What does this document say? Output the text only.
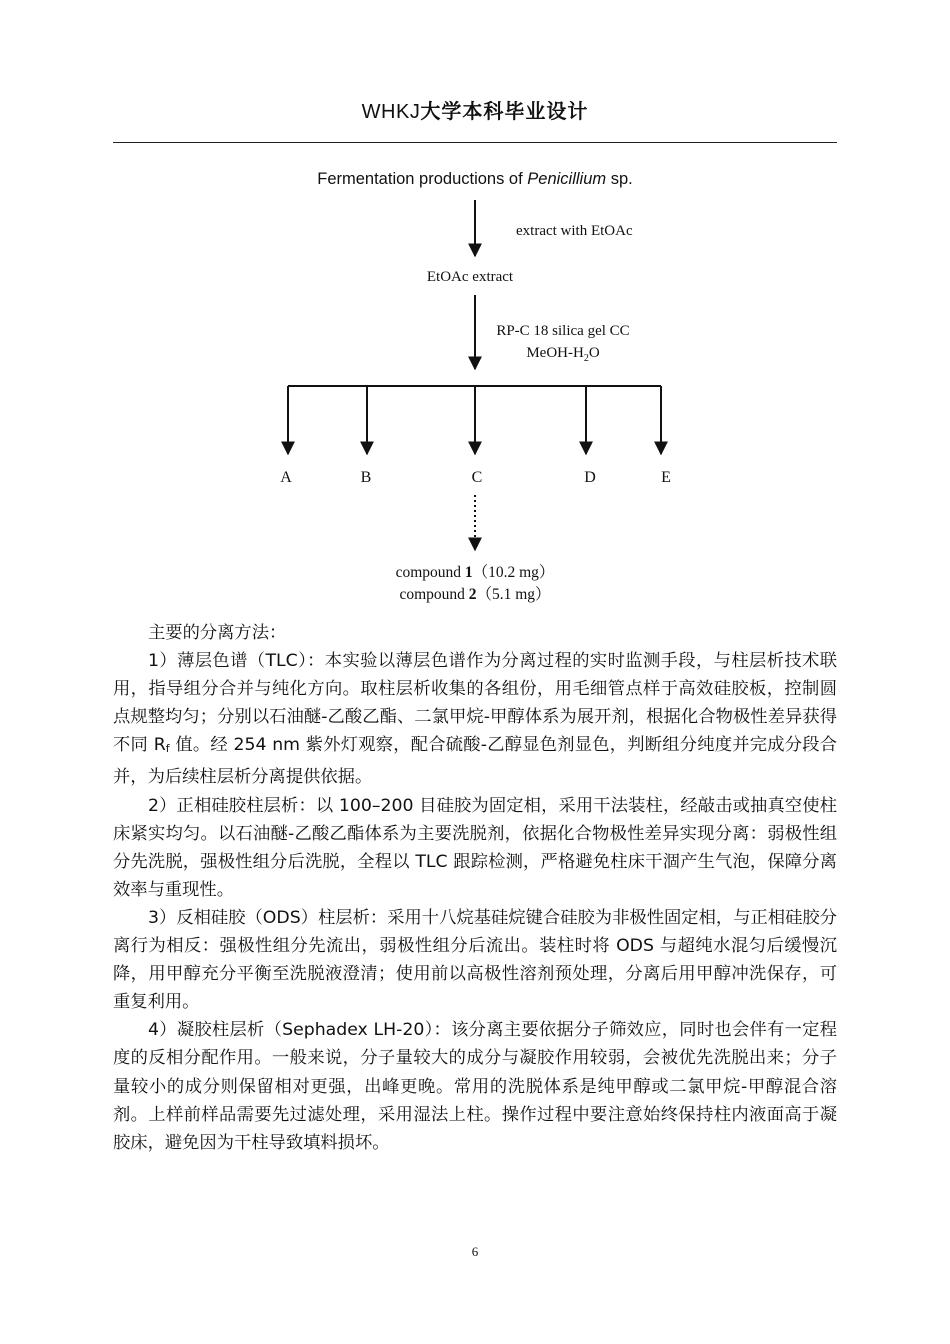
WHKJ大学本科毕业设计
Fermentation productions of Penicillium sp.
extract with EtOAc
EtOAc extract
RP-C 18 silica gel CC
MeOH-$H_2O$
A	B	C	D	E
compound 1（10.2 mg）
compound 2（5.1 mg）

主要的分离方法：

1）薄层色谱（TLC）：本实验以薄层色谱作为分离过程的实时监测手段，与柱层析技术联用，指导组分合并与纯化方向。取柱层析收集的各组份，用毛细管点样于高效硅胶板，控制圆点规整均匀；分别以石油醚-乙酸乙酯、二氯甲烷-甲醇体系为展开剂，根据化合物极性差异获得不同 $R_f$ 值。经 254 nm 紫外灯观察，配合硫酸-乙醇显色剂显色，判断组分纯度并完成分段合并，为后续柱层析分离提供依据。

2）正相硅胶柱层析：以 100–200 目硅胶为固定相，采用干法装柱，经敲击或抽真空使柱床紧实均匀。以石油醚-乙酸乙酯体系为主要洗脱剂，依据化合物极性差异实现分离：弱极性组分先洗脱，强极性组分后洗脱，全程以 TLC 跟踪检测，严格避免柱床干涸产生气泡，保障分离效率与重现性。

3）反相硅胶（ODS）柱层析：采用十八烷基硅烷键合硅胶为非极性固定相，与正相硅胶分离行为相反：强极性组分先流出，弱极性组分后流出。装柱时将 ODS 与超纯水混匀后缓慢沉降，用甲醇充分平衡至洗脱液澄清；使用前以高极性溶剂预处理，分离后用甲醇冲洗保存，可重复利用。

4）凝胶柱层析（Sephadex LH-20）：该分离主要依据分子筛效应，同时也会伴有一定程度的反相分配作用。一般来说，分子量较大的成分与凝胶作用较弱，会被优先洗脱出来；分子量较小的成分则保留相对更强，出峰更晚。常用的洗脱体系是纯甲醇或二氯甲烷-甲醇混合溶剂。上样前样品需要先过滤处理，采用湿法上柱。操作过程中要注意始终保持柱内液面高于凝胶床，避免因为干柱导致填料损坏。

6
